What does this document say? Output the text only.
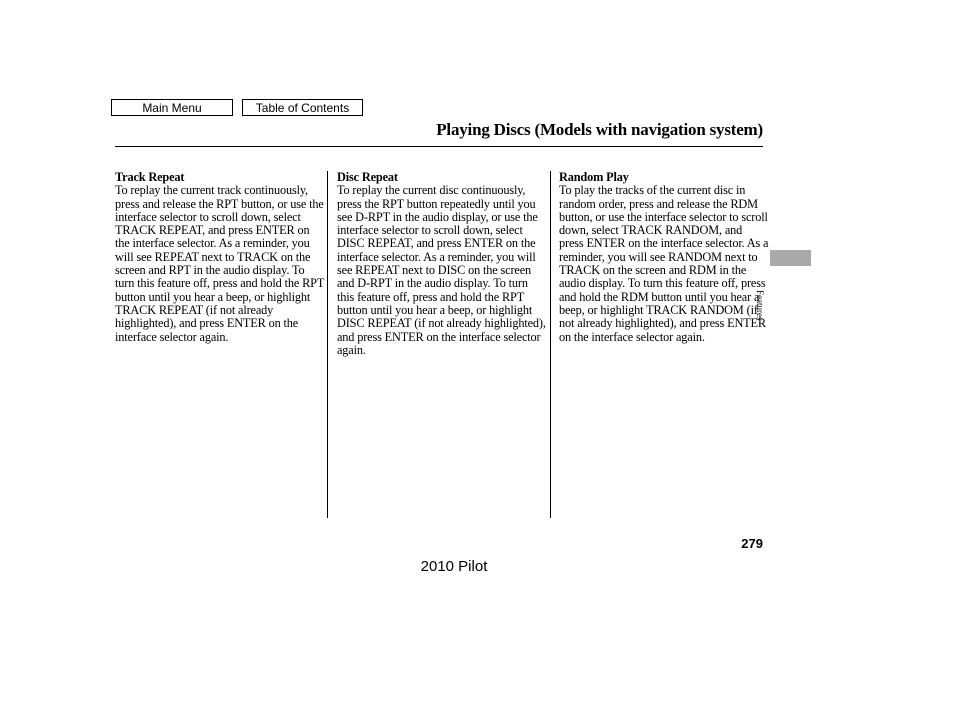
Main Menu	Table of Contents
Playing Discs (Models with navigation system)
Track Repeat
To replay the current track continuously, press and release the RPT button, or use the interface selector to scroll down, select TRACK REPEAT, and press ENTER on the interface selector. As a reminder, you will see REPEAT next to TRACK on the screen and RPT in the audio display. To turn this feature off, press and hold the RPT button until you hear a beep, or highlight TRACK REPEAT (if not already highlighted), and press ENTER on the interface selector again.
Disc Repeat
To replay the current disc continuously, press the RPT button repeatedly until you see D-RPT in the audio display, or use the interface selector to scroll down, select DISC REPEAT, and press ENTER on the interface selector. As a reminder, you will see REPEAT next to DISC on the screen and D-RPT in the audio display. To turn this feature off, press and hold the RPT button until you hear a beep, or highlight DISC REPEAT (if not already highlighted), and press ENTER on the interface selector again.
Random Play
To play the tracks of the current disc in random order, press and release the RDM button, or use the interface selector to scroll down, select TRACK RANDOM, and press ENTER on the interface selector. As a reminder, you will see RANDOM next to TRACK on the screen and RDM in the audio display. To turn this feature off, press and hold the RDM button until you hear a beep, or highlight TRACK RANDOM (if not already highlighted), and press ENTER on the interface selector again.
Features
279
2010 Pilot
